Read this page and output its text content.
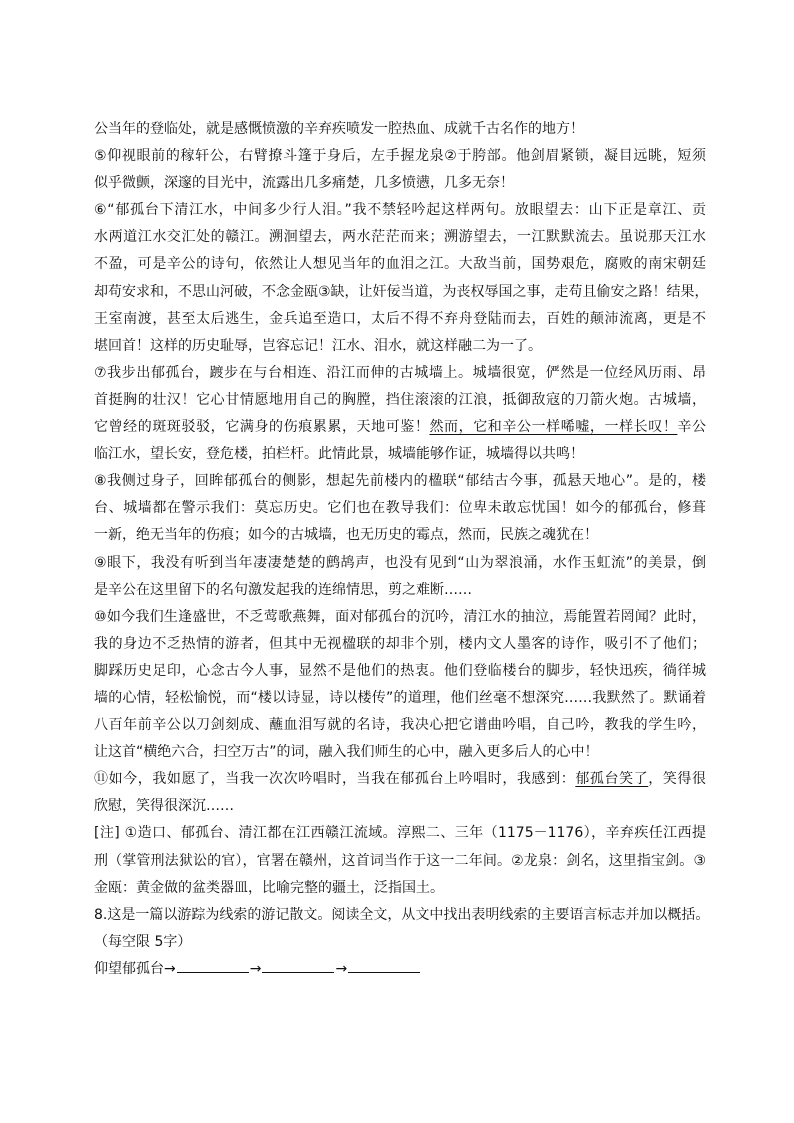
公当年的登临处，就是感慨愤激的辛弃疾喷发一腔热血、成就千古名作的地方！
⑤仰视眼前的稼轩公，右臂撩斗篷于身后，左手握龙泉②于胯部。他剑眉紧锁，凝目远眺，短须
似乎微颤，深邃的目光中，流露出几多痛楚，几多愤懑，几多无奈！
⑥“郁孤台下清江水，中间多少行人泪。”我不禁轻吟起这样两句。放眼望去：山下正是章江、贡
水两道江水交汇处的赣江。溯洄望去，两水茫茫而来；溯游望去，一江默默流去。虽说那天江水
不盈，可是辛公的诗句，依然让人想见当年的血泪之江。大敌当前，国势艰危，腐败的南宋朝廷
却苟安求和，不思山河破，不念金瓯③缺，让奸佞当道，为丧权辱国之事，走苟且偷安之路！结果，
王室南渡，甚至太后逃生，金兵追至造口，太后不得不弃舟登陆而去，百姓的颠沛流离，更是不
堪回首！这样的历史耻辱，岂容忘记！江水、泪水，就这样融二为一了。
⑦我步出郁孤台，踱步在与台相连、沿江而伸的古城墙上。城墙很宽，俨然是一位经风历雨、昂
首挺胸的壮汉！它心甘情愿地用自己的胸膛，挡住滚滚的江浪，抵御敌寇的刀箭火炮。古城墙，
它曾经的斑斑驳驳，它满身的伤痕累累，天地可鉴！然而，它和辛公一样唏嘘，一样长叹！辛公
临江水，望长安，登危楼，拍栏杆。此情此景，城墙能够作证，城墙得以共鸣！
⑧我侧过身子，回眸郁孤台的侧影，想起先前楼内的楹联“郁结古今事，孤悬天地心”。是的，楼
台、城墙都在警示我们：莫忘历史。它们也在教导我们：位卑未敢忘忧国！如今的郁孤台，修葺
一新，绝无当年的伤痕；如今的古城墙，也无历史的霉点，然而，民族之魂犹在！
⑨眼下，我没有听到当年凄凄楚楚的鹧鸪声，也没有见到“山为翠浪涌，水作玉虹流”的美景，倒
是辛公在这里留下的名句激发起我的连绵情思，剪之难断……
⑩如今我们生逢盛世，不乏莺歌燕舞，面对郁孤台的沉吟，清江水的抽泣，焉能置若罔闻？此时，
我的身边不乏热情的游者，但其中无视楹联的却非个别，楼内文人墨客的诗作，吸引不了他们；
脚踩历史足印，心念古今人事，显然不是他们的热衷。他们登临楼台的脚步，轻快迅疾，徜徉城
墙的心情，轻松愉悦，而“楼以诗显，诗以楼传”的道理，他们丝毫不想深究……我默然了。默诵着
八百年前辛公以刀剑刻成、蘸血泪写就的名诗，我决心把它谱曲吟唱，自己吟，教我的学生吟，
让这首“横绝六合，扫空万古”的词，融入我们师生的心中，融入更多后人的心中！
⑪如今，我如愿了，当我一次次吟唱时，当我在郁孤台上吟唱时，我感到：郁孤台笑了，笑得很
欣慰，笑得很深沉……
[注] ①造口、郁孤台、清江都在江西赣江流域。淳熙二、三年（1175－1176），辛弃疾任江西提
刑（掌管刑法狱讼的官），官署在赣州，这首词当作于这一二年间。②龙泉：剑名，这里指宝剑。③
金瓯：黄金做的盆类器皿，比喻完整的疆土，泛指国土。
8.这是一篇以游踪为线索的游记散文。阅读全文，从文中找出表明线索的主要语言标志并加以概括。
（每空限 5字）
仰望郁孤台→	→	→
